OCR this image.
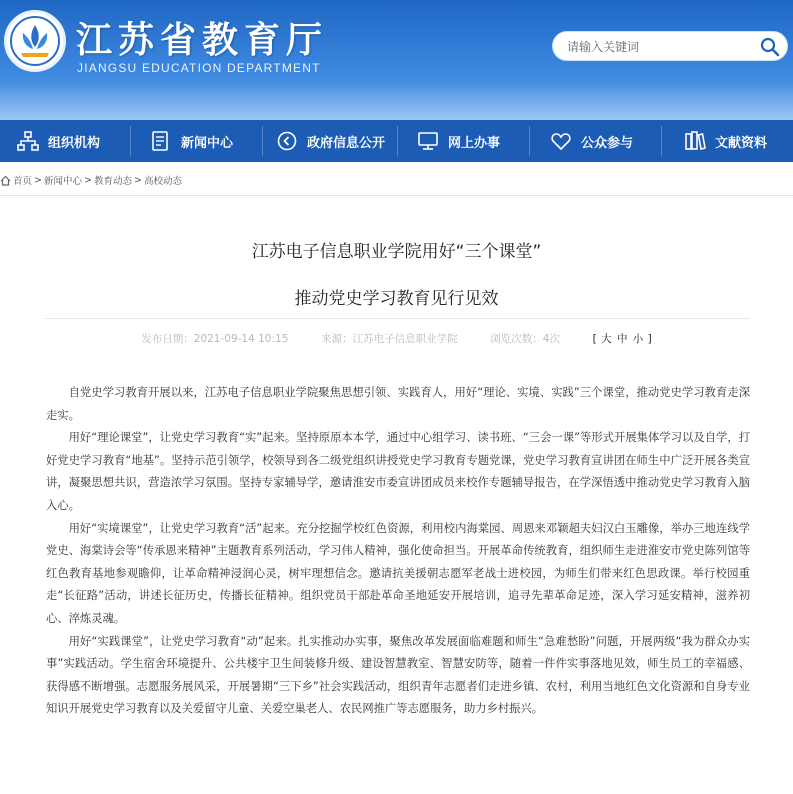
江苏省教育厅
JIANGSU EDUCATION DEPARTMENT
请输入关键词
组织机构	新闻中心	政府信息公开	网上办事	公众参与	文献资料
首页 > 新闻中心 > 教育动态 > 高校动态
江苏电子信息职业学院用好“三个课堂”
推动党史学习教育见行见效
发布日期：2021-09-14 10:15	来源：江苏电子信息职业学院	浏览次数：4次	[ 大 中 小 ]

自党史学习教育开展以来，江苏电子信息职业学院聚焦思想引领、实践育人，用好“理论、实境、实践”三个课堂，推动党史学习教育走深走实。

用好“理论课堂”，让党史学习教育“实”起来。坚持原原本本学，通过中心组学习、读书班、“三会一课”等形式开展集体学习以及自学，打好党史学习教育“地基”。坚持示范引领学，校领导到各二级党组织讲授党史学习教育专题党课，党史学习教育宣讲团在师生中广泛开展各类宣讲，凝聚思想共识，营造浓学习氛围。坚持专家辅导学，邀请淮安市委宣讲团成员来校作专题辅导报告，在学深悟透中推动党史学习教育入脑入心。

用好“实境课堂”，让党史学习教育“活”起来。充分挖掘学校红色资源，利用校内海棠园、周恩来邓颖超夫妇汉白玉雕像，举办三地连线学党史、海棠诗会等“传承恩来精神”主题教育系列活动，学习伟人精神，强化使命担当。开展革命传统教育，组织师生走进淮安市党史陈列馆等红色教育基地参观瞻仰，让革命精神浸润心灵，树牢理想信念。邀请抗美援朝志愿军老战士进校园，为师生们带来红色思政课。举行校园重走“长征路”活动，讲述长征历史，传播长征精神。组织党员干部赴革命圣地延安开展培训，追寻先辈革命足迹，深入学习延安精神，滋养初心、淬炼灵魂。

用好“实践课堂”，让党史学习教育“动”起来。扎实推动办实事，聚焦改革发展面临难题和师生“急难愁盼”问题，开展两级“我为群众办实事”实践活动。学生宿舍环境提升、公共楼宇卫生间装修升级、建设智慧教室、智慧安防等，随着一件件实事落地见效，师生员工的幸福感、获得感不断增强。志愿服务展风采，开展暑期“三下乡”社会实践活动，组织青年志愿者们走进乡镇、农村，利用当地红色文化资源和自身专业知识开展党史学习教育以及关爱留守儿童、关爱空巢老人、农民网推广等志愿服务，助力乡村振兴。
